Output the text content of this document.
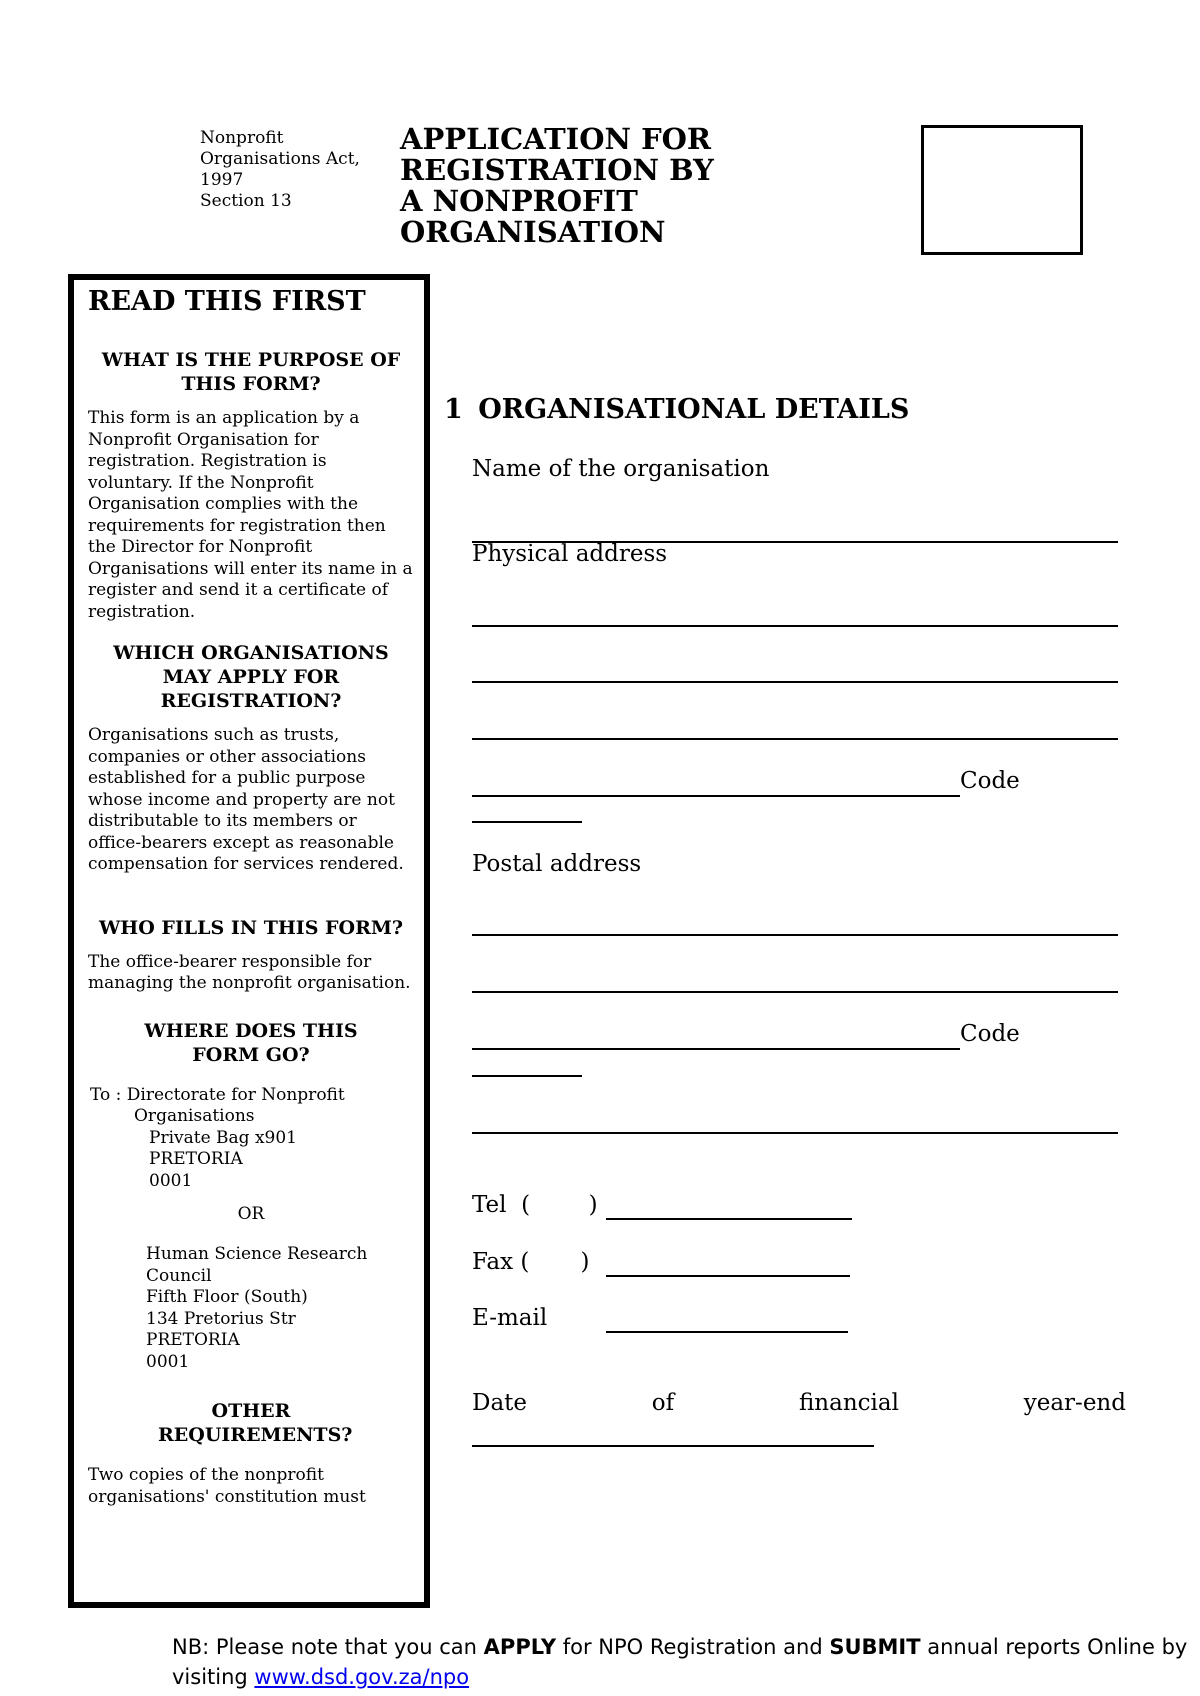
Nonprofit
Organisations Act,
1997
Section 13
APPLICATION FOR
REGISTRATION BY
A NONPROFIT
ORGANISATION
READ THIS FIRST
WHAT IS THE PURPOSE OF THIS FORM?
This form is an application by a Nonprofit Organisation for registration. Registration is voluntary. If the Nonprofit Organisation complies with the requirements for registration then the Director for Nonprofit Organisations will enter its name in a register and send it a certificate of registration.
WHICH ORGANISATIONS MAY APPLY FOR REGISTRATION?
Organisations such as trusts, companies or other associations established for a public purpose whose income and property are not distributable to its members or office-bearers except as reasonable compensation for services rendered.
WHO FILLS IN THIS FORM?
The office-bearer responsible for managing the nonprofit organisation.
WHERE DOES THIS FORM GO?
To : Directorate for Nonprofit
Organisations
Private Bag x901
PRETORIA
0001
OR
Human Science Research
Council
Fifth Floor (South)
134 Pretorius Str
PRETORIA
0001
OTHER REQUIREMENTS?
Two copies of the nonprofit organisations' constitution must
1 ORGANISATIONAL DETAILS
Name of the organisation
Physical address
Code
Postal address
Code
Tel  (        )
Fax (       )
E-mail
Date	of	financial	year-end
NB: Please note that you can APPLY for NPO Registration and SUBMIT annual reports Online by visiting www.dsd.gov.za/npo
